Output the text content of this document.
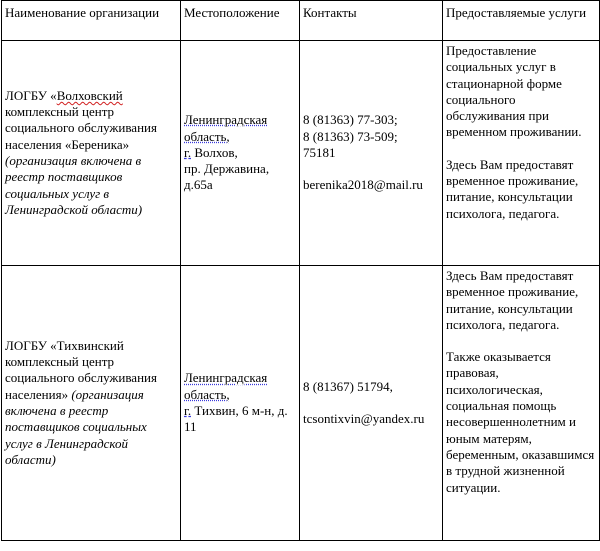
Наименование организации	Местоположение	Контакты	Предоставляемые услуги
ЛОГБУ «Волховский комплексный центр социального обслуживания населения «Береника» (организация включена в реестр поставщиков социальных услуг в Ленинградской области)	Ленинградская область,
г. Волхов,
пр. Державина, д.65а	8 (81363) 77-303;
8 (81363) 73-509;
75181
berenika2018@mail.ru	Предоставление социальных услуг в стационарной форме социального обслуживания при временном проживании.
Здесь Вам предоставят временное проживание, питание, консультации психолога, педагога.

ЛОГБУ «Тихвинский комплексный центр социального обслуживания населения» (организация включена в реестр поставщиков социальных услуг в Ленинградской области)	Ленинградская область,
г. Тихвин, 6 м-н, д. 11	8 (81367) 51794,
tcsontixvin@yandex.ru	Здесь Вам предоставят временное проживание, питание, консультации психолога, педагога.
Также оказывается правовая, психологическая, социальная помощь несовершеннолетним и юным матерям, беременным, оказавшимся в трудной жизненной ситуации.
